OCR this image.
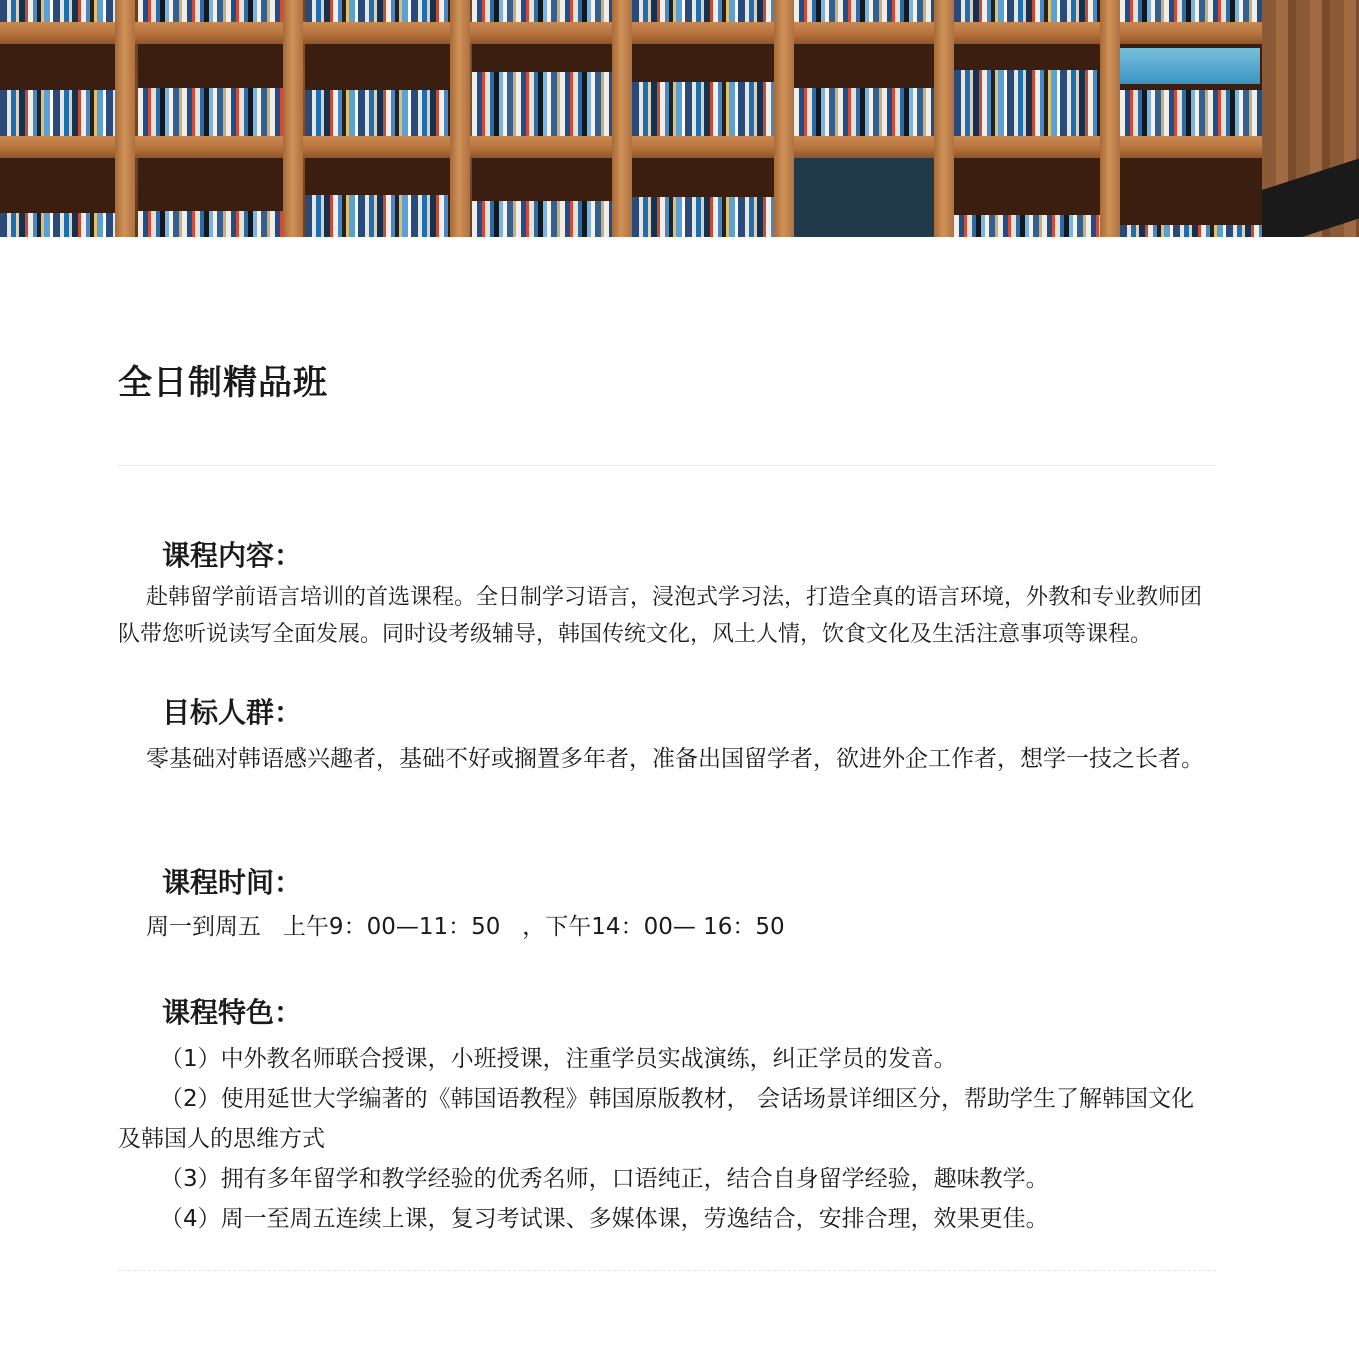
全日制精品班
课程内容：

赴韩留学前语言培训的首选课程。全日制学习语言，浸泡式学习法，打造全真的语言环境，外教和专业教师团队带您听说读写全面发展。同时设考级辅导，韩国传统文化，风土人情，饮食文化及生活注意事项等课程。

目标人群：

零基础对韩语感兴趣者，基础不好或搁置多年者，准备出国留学者，欲进外企工作者，想学一技之长者。

课程时间：

周一到周五   上午9：00—11：50   ，下午14：00— 16：50

课程特色：

（1）中外教名师联合授课，小班授课，注重学员实战演练，纠正学员的发音。

（2）使用延世大学编著的《韩国语教程》韩国原版教材， 会话场景详细区分，帮助学生了解韩国文化及韩国人的思维方式

（3）拥有多年留学和教学经验的优秀名师，口语纯正，结合自身留学经验，趣味教学。

（4）周一至周五连续上课，复习考试课、多媒体课，劳逸结合，安排合理，效果更佳。
